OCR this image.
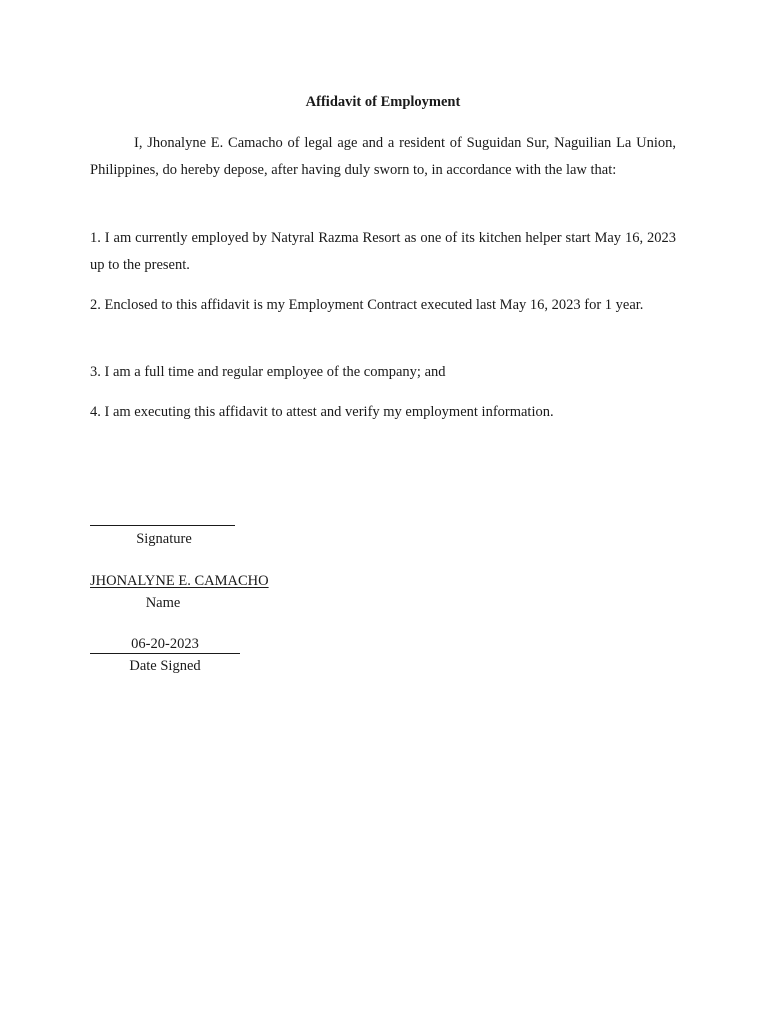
Affidavit of Employment

I, Jhonalyne E. Camacho of legal age and a resident of Suguidan Sur, Naguilian La Union, Philippines, do hereby depose, after having duly sworn to, in accordance with the law that:

1. I am currently employed by Natyral Razma Resort as one of its kitchen helper start May 16, 2023 up to the present.

2. Enclosed to this affidavit is my Employment Contract executed last May 16, 2023 for 1 year.

3. I am a full time and regular employee of the company; and

4. I am executing this affidavit to attest and verify my employment information.

Signature
JHONALYNE E. CAMACHO
Name
06-20-2023
Date Signed
